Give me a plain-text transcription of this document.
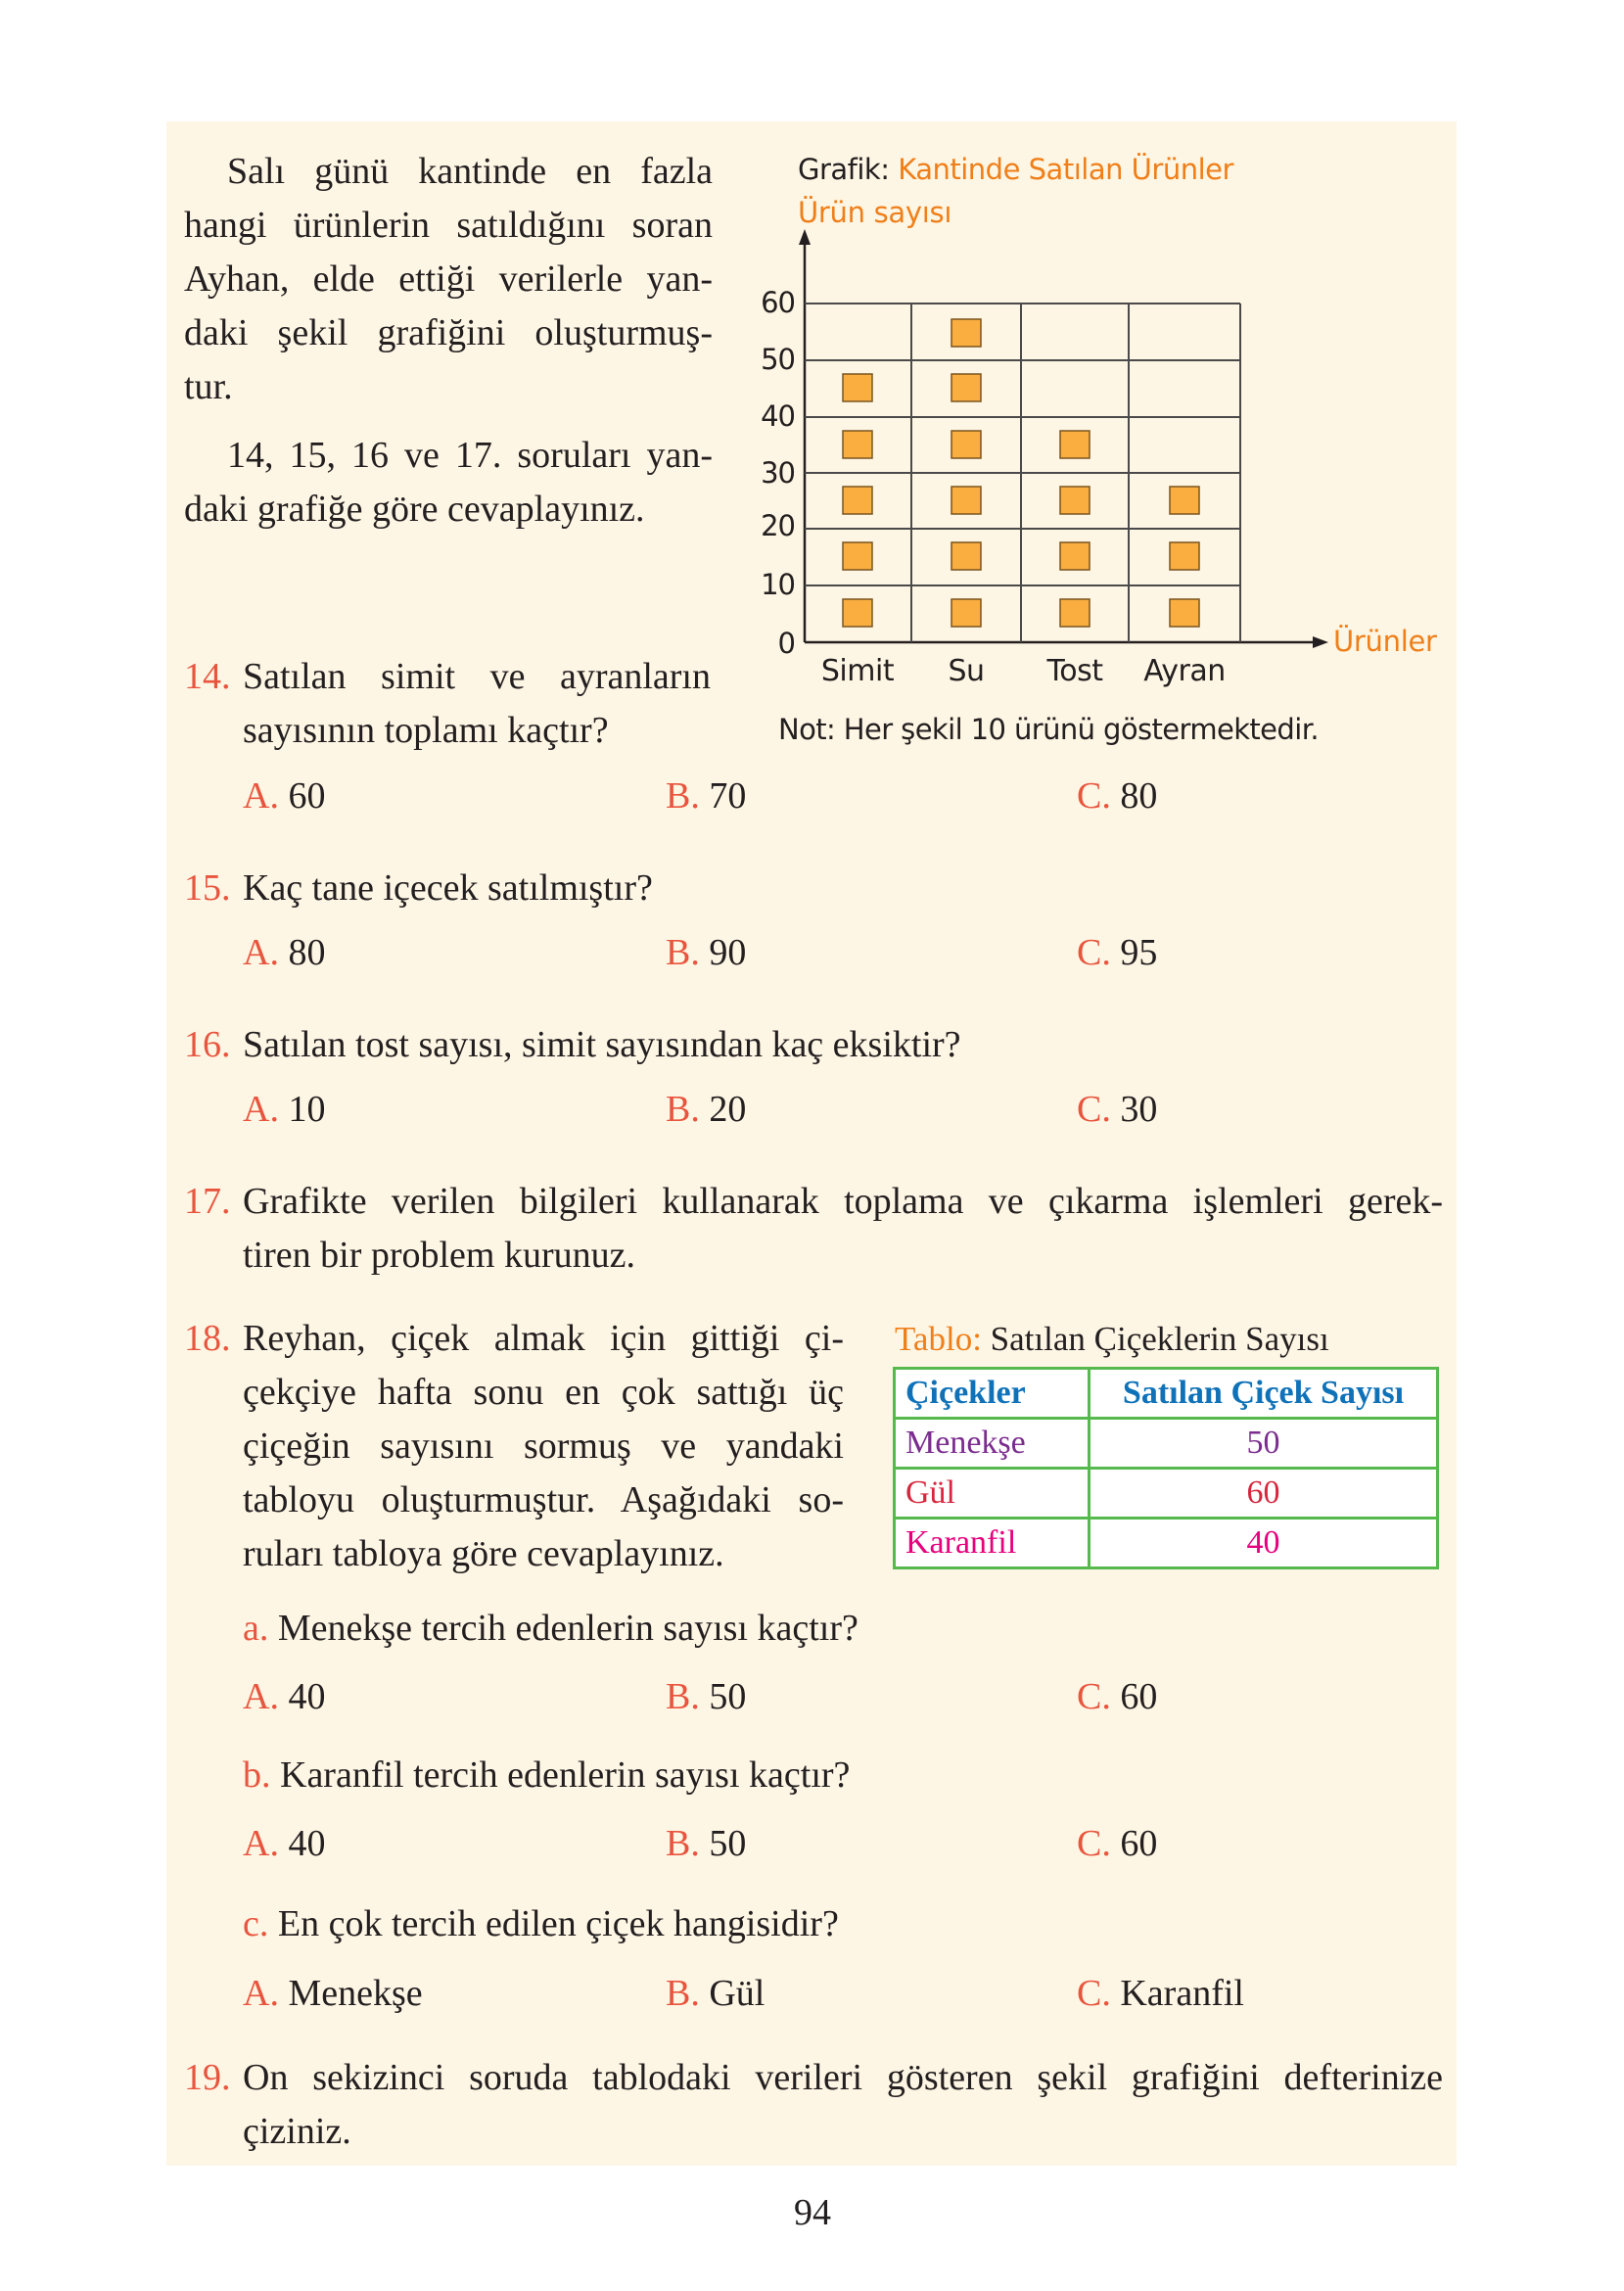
Salı günü kantinde en fazla
hangi ürünlerin satıldığını soran
Ayhan, elde ettiği verilerle yan-
daki şekil grafiğini oluşturmuş-
tur.
14, 15, 16 ve 17. soruları yan-
daki grafiğe göre cevaplayınız.
Grafik: Kantinde Satılan Ürünler
Ürün sayısı
Ürünler
60
50
40
30
20
10
0
Simit	Su	Tost	Ayran
Not: Her şekil 10 ürünü göstermektedir.
14. Satılan simit ve ayranların
sayısının toplamı kaçtır?
A. 60	B. 70	C. 80
15. Kaç tane içecek satılmıştır?
A. 80	B. 90	C. 95
16. Satılan tost sayısı, simit sayısından kaç eksiktir?
A. 10	B. 20	C. 30
17. Grafikte verilen bilgileri kullanarak toplama ve çıkarma işlemleri gerek-
tiren bir problem kurunuz.
18. Reyhan, çiçek almak için gittiği çi-
çekçiye hafta sonu en çok sattığı üç
çiçeğin sayısını sormuş ve yandaki
tabloyu oluşturmuştur. Aşağıdaki so-
ruları tabloya göre cevaplayınız.
Tablo: Satılan Çiçeklerin Sayısı
Çiçekler	Satılan Çiçek Sayısı
Menekşe	50
Gül	60
Karanfil	40
a. Menekşe tercih edenlerin sayısı kaçtır?
A. 40	B. 50	C. 60
b. Karanfil tercih edenlerin sayısı kaçtır?
A. 40	B. 50	C. 60
c. En çok tercih edilen çiçek hangisidir?
A. Menekşe	B. Gül	C. Karanfil
19. On sekizinci soruda tablodaki verileri gösteren şekil grafiğini defterinize
çiziniz.
94
